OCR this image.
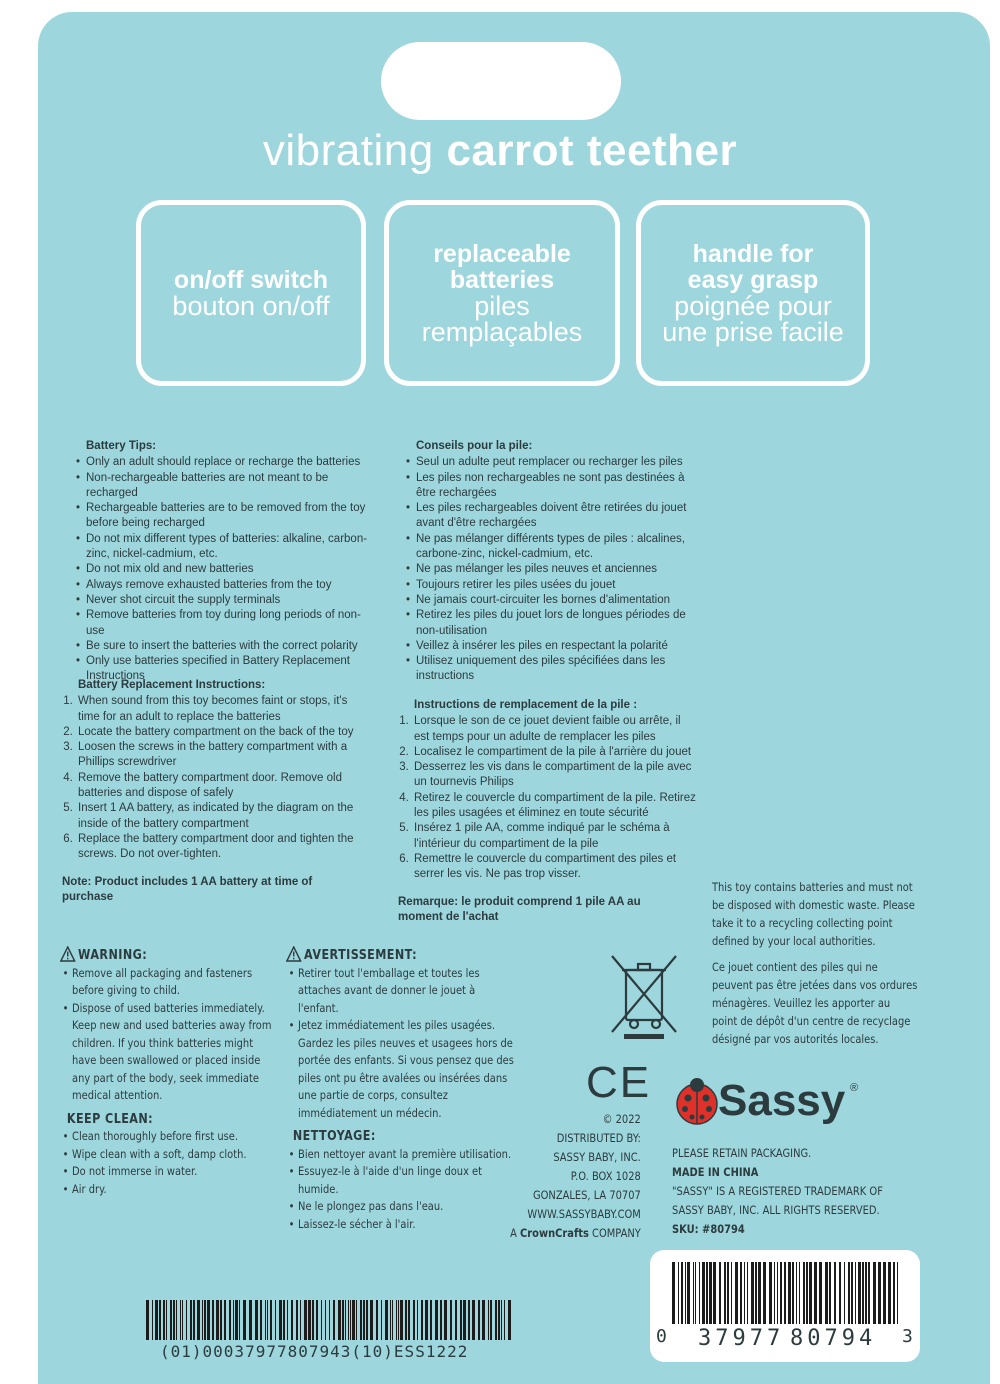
vibrating carrot teether
on/off switch
bouton on/off
replaceable batteries
piles remplaçables
handle for easy grasp
poignée pour une prise facile
Battery Tips:
• Only an adult should replace or recharge the batteries
• Non-rechargeable batteries are not meant to be recharged
• Rechargeable batteries are to be removed from the toy before being recharged
• Do not mix different types of batteries: alkaline, carbon-zinc, nickel-cadmium, etc.
• Do not mix old and new batteries
• Always remove exhausted batteries from the toy
• Never shot circuit the supply terminals
• Remove batteries from toy during long periods of non-use
• Be sure to insert the batteries with the correct polarity
• Only use batteries specified in Battery Replacement Instructions
Battery Replacement Instructions:
1. When sound from this toy becomes faint or stops, it's time for an adult to replace the batteries
2. Locate the battery compartment on the back of the toy
3. Loosen the screws in the battery compartment with a Phillips screwdriver
4. Remove the battery compartment door. Remove old batteries and dispose of safely
5. Insert 1 AA battery, as indicated by the diagram on the inside of the battery compartment
6. Replace the battery compartment door and tighten the screws. Do not over-tighten.
Note: Product includes 1 AA battery at time of purchase
Conseils pour la pile:
• Seul un adulte peut remplacer ou recharger les piles
• Les piles non rechargeables ne sont pas destinées à être rechargées
• Les piles rechargeables doivent être retirées du jouet avant d'être rechargées
• Ne pas mélanger différents types de piles : alcalines, carbone-zinc, nickel-cadmium, etc.
• Ne pas mélanger les piles neuves et anciennes
• Toujours retirer les piles usées du jouet
• Ne jamais court-circuiter les bornes d'alimentation
• Retirez les piles du jouet lors de longues périodes de non-utilisation
• Veillez à insérer les piles en respectant la polarité
• Utilisez uniquement des piles spécifiées dans les instructions
Instructions de remplacement de la pile :
1. Lorsque le son de ce jouet devient faible ou arrête, il est temps pour un adulte de remplacer les piles
2. Localisez le compartiment de la pile à l'arrière du jouet
3. Desserrez les vis dans le compartiment de la pile avec un tournevis Philips
4. Retirez le couvercle du compartiment de la pile. Retirez les piles usagées et éliminez en toute sécurité
5. Insérez 1 pile AA, comme indiqué par le schéma à l'intérieur du compartiment de la pile
6. Remettre le couvercle du compartiment des piles et serrer les vis. Ne pas trop visser.
Remarque: le produit comprend 1 pile AA au moment de l'achat
This toy contains batteries and must not be disposed with domestic waste. Please take it to a recycling collecting point defined by your local authorities.
Ce jouet contient des piles qui ne peuvent pas être jetées dans vos ordures ménagères. Veuillez les apporter au point de dépôt d'un centre de recyclage désigné par vos autorités locales.
WARNING:
• Remove all packaging and fasteners before giving to child.
• Dispose of used batteries immediately. Keep new and used batteries away from children. If you think batteries might have been swallowed or placed inside any part of the body, seek immediate medical attention.
KEEP CLEAN:
• Clean thoroughly before first use.
• Wipe clean with a soft, damp cloth.
• Do not immerse in water.
• Air dry.
AVERTISSEMENT:
• Retirer tout l'emballage et toutes les attaches avant de donner le jouet à l'enfant.
• Jetez immédiatement les piles usagées. Gardez les piles neuves et usagees hors de portée des enfants. Si vous pensez que des piles ont pu être avalées ou insérées dans une partie de corps, consultez immédiatement un médecin.
NETTOYAGE:
• Bien nettoyer avant la première utilisation.
• Essuyez-le à l'aide d'un linge doux et humide.
• Ne le plongez pas dans l'eau.
• Laissez-le sécher à l'air.
CE
© 2022
DISTRIBUTED BY:
SASSY BABY, INC.
P.O. BOX 1028
GONZALES, LA 70707
WWW.SASSYBABY.COM
A CrownCrafts COMPANY
Sassy ®
PLEASE RETAIN PACKAGING.
MADE IN CHINA
"SASSY" IS A REGISTERED TRADEMARK OF SASSY BABY, INC. ALL RIGHTS RESERVED.
SKU: #80794
(01)00037977807943(10)ESS1222
0 37977 80794 3
